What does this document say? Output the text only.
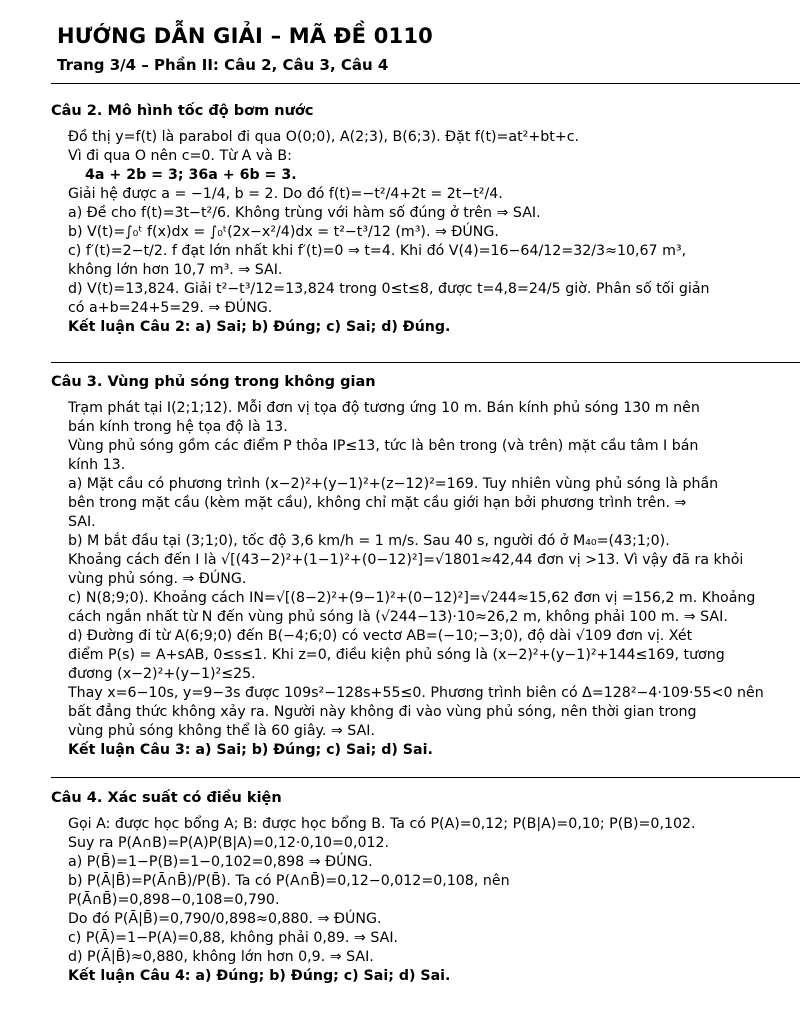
HƯỚNG DẪN GIẢI – MÃ ĐỀ 0110
Trang 3/4 – Phần II: Câu 2, Câu 3, Câu 4
Câu 2. Mô hình tốc độ bơm nước
Đồ thị y=f(t) là parabol đi qua O(0;0), A(2;3), B(6;3). Đặt f(t)=at²+bt+c.
Vì đi qua O nên c=0. Từ A và B:
4a + 2b = 3; 36a + 6b = 3.
Giải hệ được a = −1/4, b = 2. Do đó f(t)=−t²/4+2t = 2t−t²/4.
a) Đề cho f(t)=3t−t²/6. Không trùng với hàm số đúng ở trên ⇒ SAI.
b) V(t)=∫₀ᵗ f(x)dx = ∫₀ᵗ(2x−x²/4)dx = t²−t³/12 (m³). ⇒ ĐÚNG.
c) f′(t)=2−t/2. f đạt lớn nhất khi f′(t)=0 ⇒ t=4. Khi đó V(4)=16−64/12=32/3≈10,67 m³,
không lớn hơn 10,7 m³. ⇒ SAI.
d) V(t)=13,824. Giải t²−t³/12=13,824 trong 0≤t≤8, được t=4,8=24/5 giờ. Phân số tối giản
có a+b=24+5=29. ⇒ ĐÚNG.
Kết luận Câu 2: a) Sai; b) Đúng; c) Sai; d) Đúng.
Câu 3. Vùng phủ sóng trong không gian
Trạm phát tại I(2;1;12). Mỗi đơn vị tọa độ tương ứng 10 m. Bán kính phủ sóng 130 m nên
bán kính trong hệ tọa độ là 13.
Vùng phủ sóng gồm các điểm P thỏa IP≤13, tức là bên trong (và trên) mặt cầu tâm I bán
kính 13.
a) Mặt cầu có phương trình (x−2)²+(y−1)²+(z−12)²=169. Tuy nhiên vùng phủ sóng là phần
bên trong mặt cầu (kèm mặt cầu), không chỉ mặt cầu giới hạn bởi phương trình trên. ⇒
SAI.
b) M bắt đầu tại (3;1;0), tốc độ 3,6 km/h = 1 m/s. Sau 40 s, người đó ở M₄₀=(43;1;0).
Khoảng cách đến I là √[(43−2)²+(1−1)²+(0−12)²]=√1801≈42,44 đơn vị >13. Vì vậy đã ra khỏi
vùng phủ sóng. ⇒ ĐÚNG.
c) N(8;9;0). Khoảng cách IN=√[(8−2)²+(9−1)²+(0−12)²]=√244≈15,62 đơn vị =156,2 m. Khoảng
cách ngắn nhất từ N đến vùng phủ sóng là (√244−13)·10≈26,2 m, không phải 100 m. ⇒ SAI.
d) Đường đi từ A(6;9;0) đến B(−4;6;0) có vectơ AB=(−10;−3;0), độ dài √109 đơn vị. Xét
điểm P(s) = A+sAB, 0≤s≤1. Khi z=0, điều kiện phủ sóng là (x−2)²+(y−1)²+144≤169, tương
đương (x−2)²+(y−1)²≤25.
Thay x=6−10s, y=9−3s được 109s²−128s+55≤0. Phương trình biên có Δ=128²−4·109·55<0 nên
bất đẳng thức không xảy ra. Người này không đi vào vùng phủ sóng, nên thời gian trong
vùng phủ sóng không thể là 60 giây. ⇒ SAI.
Kết luận Câu 3: a) Sai; b) Đúng; c) Sai; d) Sai.
Câu 4. Xác suất có điều kiện
Gọi A: được học bổng A; B: được học bổng B. Ta có P(A)=0,12; P(B|A)=0,10; P(B)=0,102.
Suy ra P(A∩B)=P(A)P(B|A)=0,12·0,10=0,012.
a) P(B̄)=1−P(B)=1−0,102=0,898 ⇒ ĐÚNG.
b) P(Ā|B̄)=P(Ā∩B̄)/P(B̄). Ta có P(A∩B̄)=0,12−0,012=0,108, nên
P(Ā∩B̄)=0,898−0,108=0,790.
Do đó P(Ā|B̄)=0,790/0,898≈0,880. ⇒ ĐÚNG.
c) P(Ā)=1−P(A)=0,88, không phải 0,89. ⇒ SAI.
d) P(Ā|B̄)≈0,880, không lớn hơn 0,9. ⇒ SAI.
Kết luận Câu 4: a) Đúng; b) Đúng; c) Sai; d) Sai.
